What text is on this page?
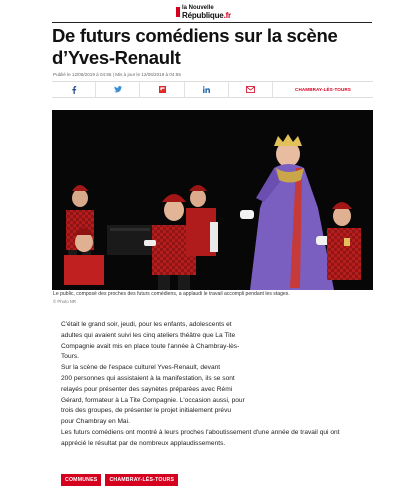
la Nouvelle
République.fr
De futurs comédiens sur la scène d’Yves-Renault
Publié le 12/06/2019 à 04:55 | Mis à jour le 12/06/2019 à 04:55
CHAMBRAY-LÈS-TOURS
Le public, composé des proches des futurs comédiens, a applaudi le travail accompli pendant les stages.
© Photo NR

C'était le grand soir, jeudi, pour les enfants, adolescents et

adultes qui avaient suivi les cinq ateliers théâtre que La Tite

Compagnie avait mis en place toute l'année à Chambray-lès-

Tours.

Sur la scène de l'espace culturel Yves-Renault, devant

200 personnes qui assistaient à la manifestation, ils se sont

relayés pour présenter des saynètes préparées avec Rémi

Gérard, formateur à La Tite Compagnie. L'occasion aussi, pour

trois des groupes, de présenter le projet initialement prévu

pour Chambray en Mai.

Les futurs comédiens ont montré à leurs proches l'aboutissement d'une année de travail qui ont

apprécié le résultat par de nombreux applaudissements.

COMMUNES	CHAMBRAY-LÈS-TOURS
